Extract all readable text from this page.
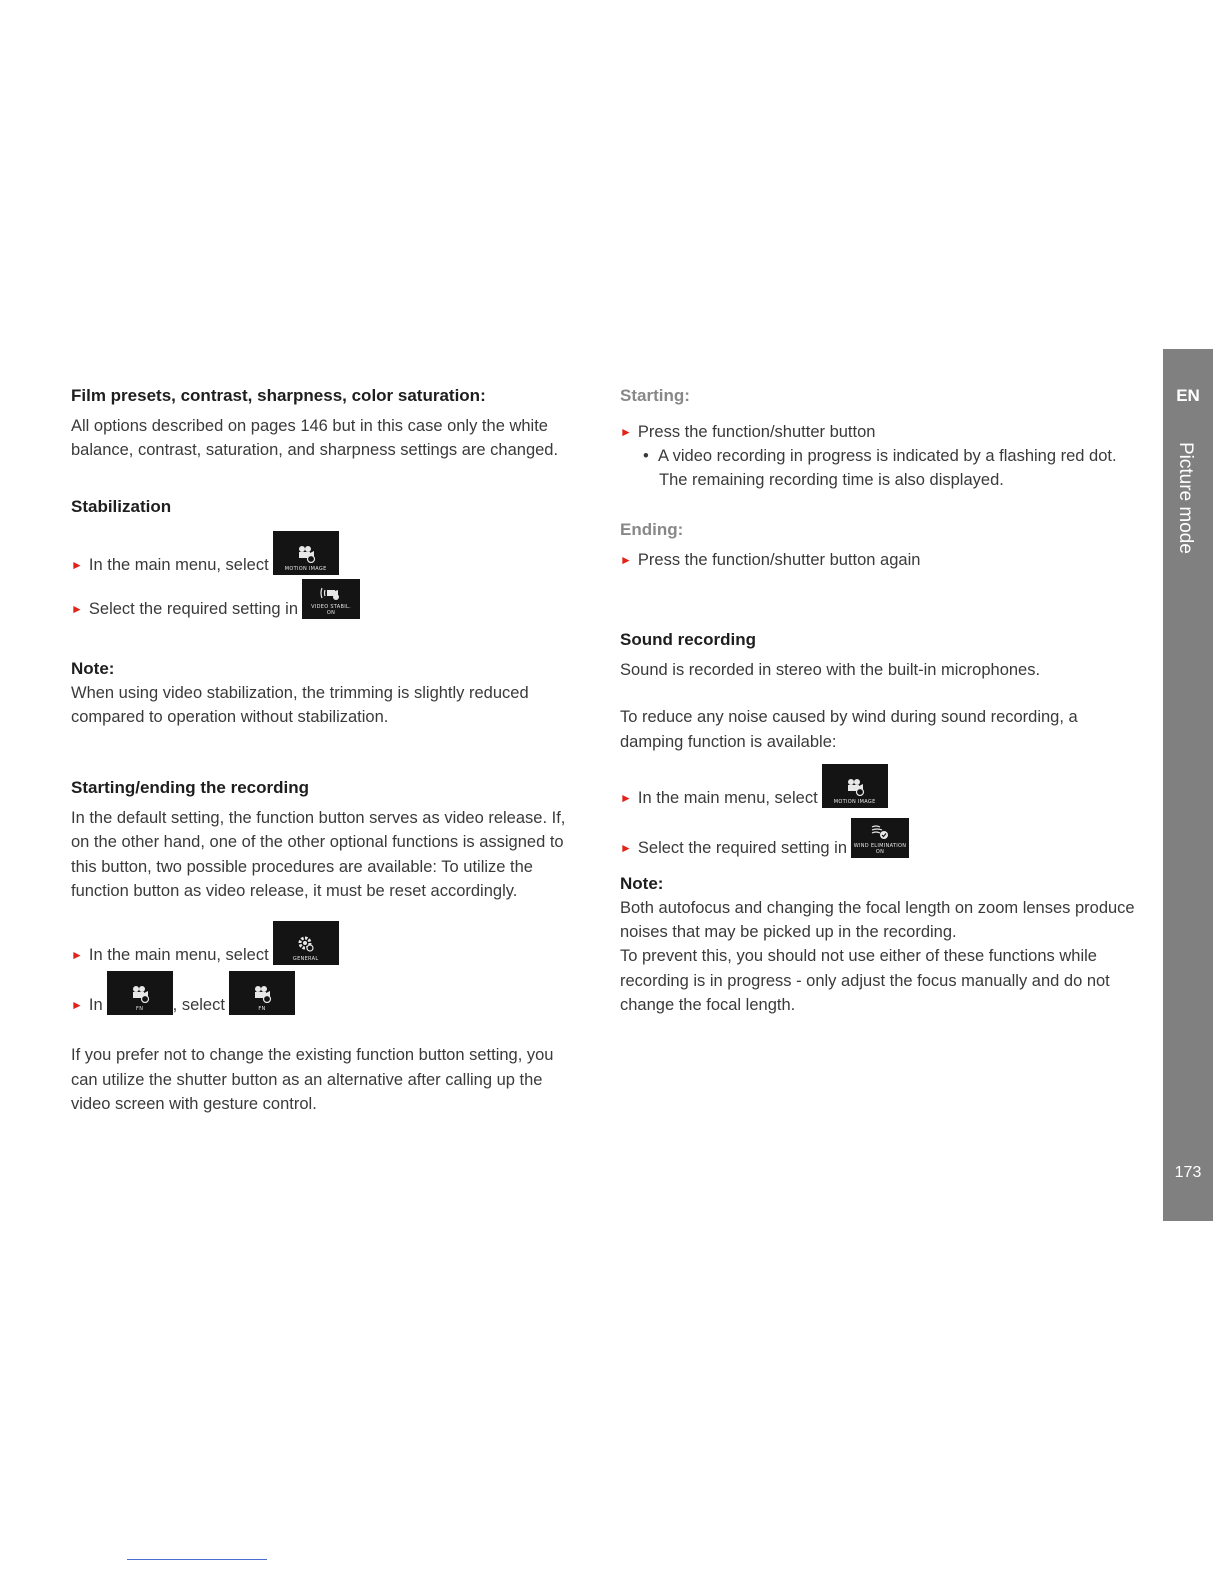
Film presets, contrast, sharpness, color saturation:

All options described on pages 146 but in this case only the white balance, contrast, saturation, and sharpness settings are changed.

Stabilization

► In the main menu, select	MOTION IMAGE
► Select the required setting in	VIDEO STABIL.
ON

Note:

When using video stabilization, the trimming is slightly reduced compared to operation without stabilization.

Starting/ending the recording

In the default setting, the function button serves as video release. If, on the other hand, one of the other optional functions is assigned to this button, two possible procedures are available: To utilize the function button as video release, it must be reset accordingly.

► In the main menu, select	GENERAL
► In	FN , select	FN

If you prefer not to change the existing function button setting, you can utilize the shutter button as an alternative after calling up the video screen with gesture control.

Starting:

► Press the function/shutter button

•  A video recording in progress is indicated by a flashing red dot. The remaining recording time is also displayed.

Ending:

► Press the function/shutter button again

Sound recording

Sound is recorded in stereo with the built-in microphones.

To reduce any noise caused by wind during sound recording, a damping function is available:

► In the main menu, select	MOTION IMAGE
► Select the required setting in WIND ELIMINATION
ON

Note:

Both autofocus and changing the focal length on zoom lenses produce noises that may be picked up in the recording.

To prevent this, you should not use either of these functions while recording is in progress - only adjust the focus manually and do not change the focal length.

EN
Picture mode
173
